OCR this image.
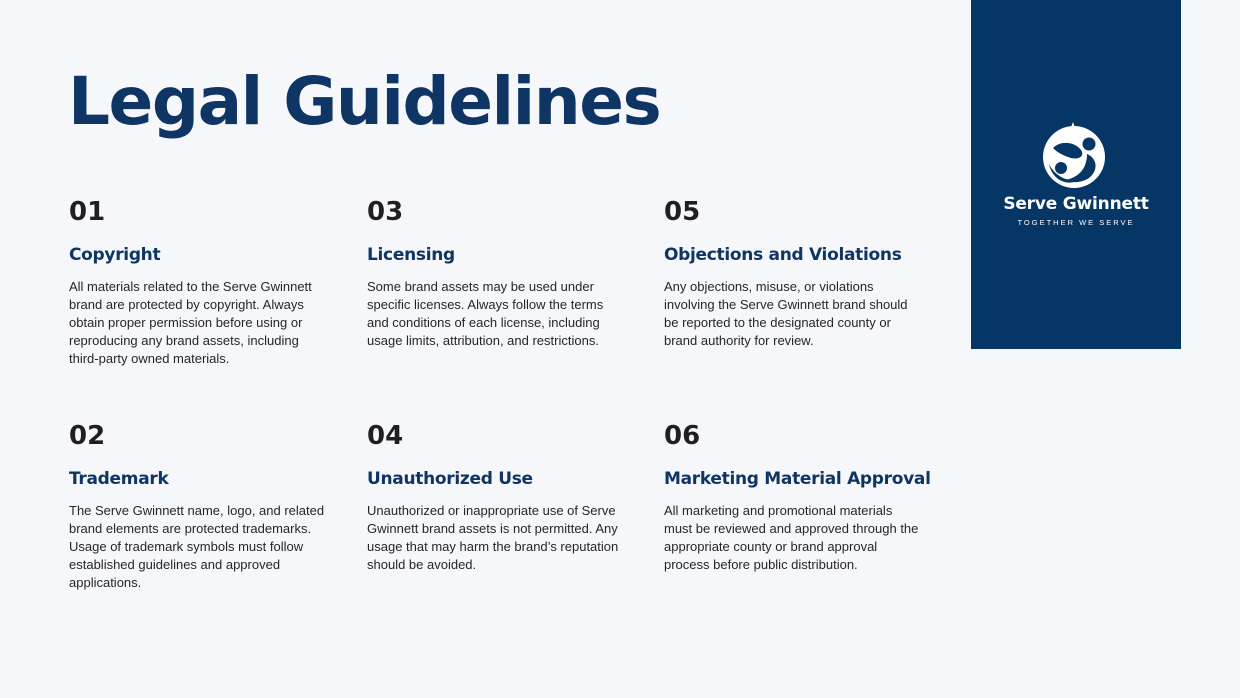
Legal Guidelines
01
Copyright
All materials related to the Serve Gwinnett brand are protected by copyright. Always obtain proper permission before using or reproducing any brand assets, including third-party owned materials.
02
Trademark
The Serve Gwinnett name, logo, and related brand elements are protected trademarks. Usage of trademark symbols must follow established guidelines and approved applications.
03
Licensing
Some brand assets may be used under specific licenses. Always follow the terms and conditions of each license, including usage limits, attribution, and restrictions.
04
Unauthorized Use
Unauthorized or inappropriate use of Serve Gwinnett brand assets is not permitted. Any usage that may harm the brand’s reputation should be avoided.
05
Objections and Violations
Any objections, misuse, or violations involving the Serve Gwinnett brand should be reported to the designated county or brand authority for review.
06
Marketing Material Approval
All marketing and promotional materials must be reviewed and approved through the appropriate county or brand approval process before public distribution.
Serve Gwinnett
TOGETHER WE SERVE
